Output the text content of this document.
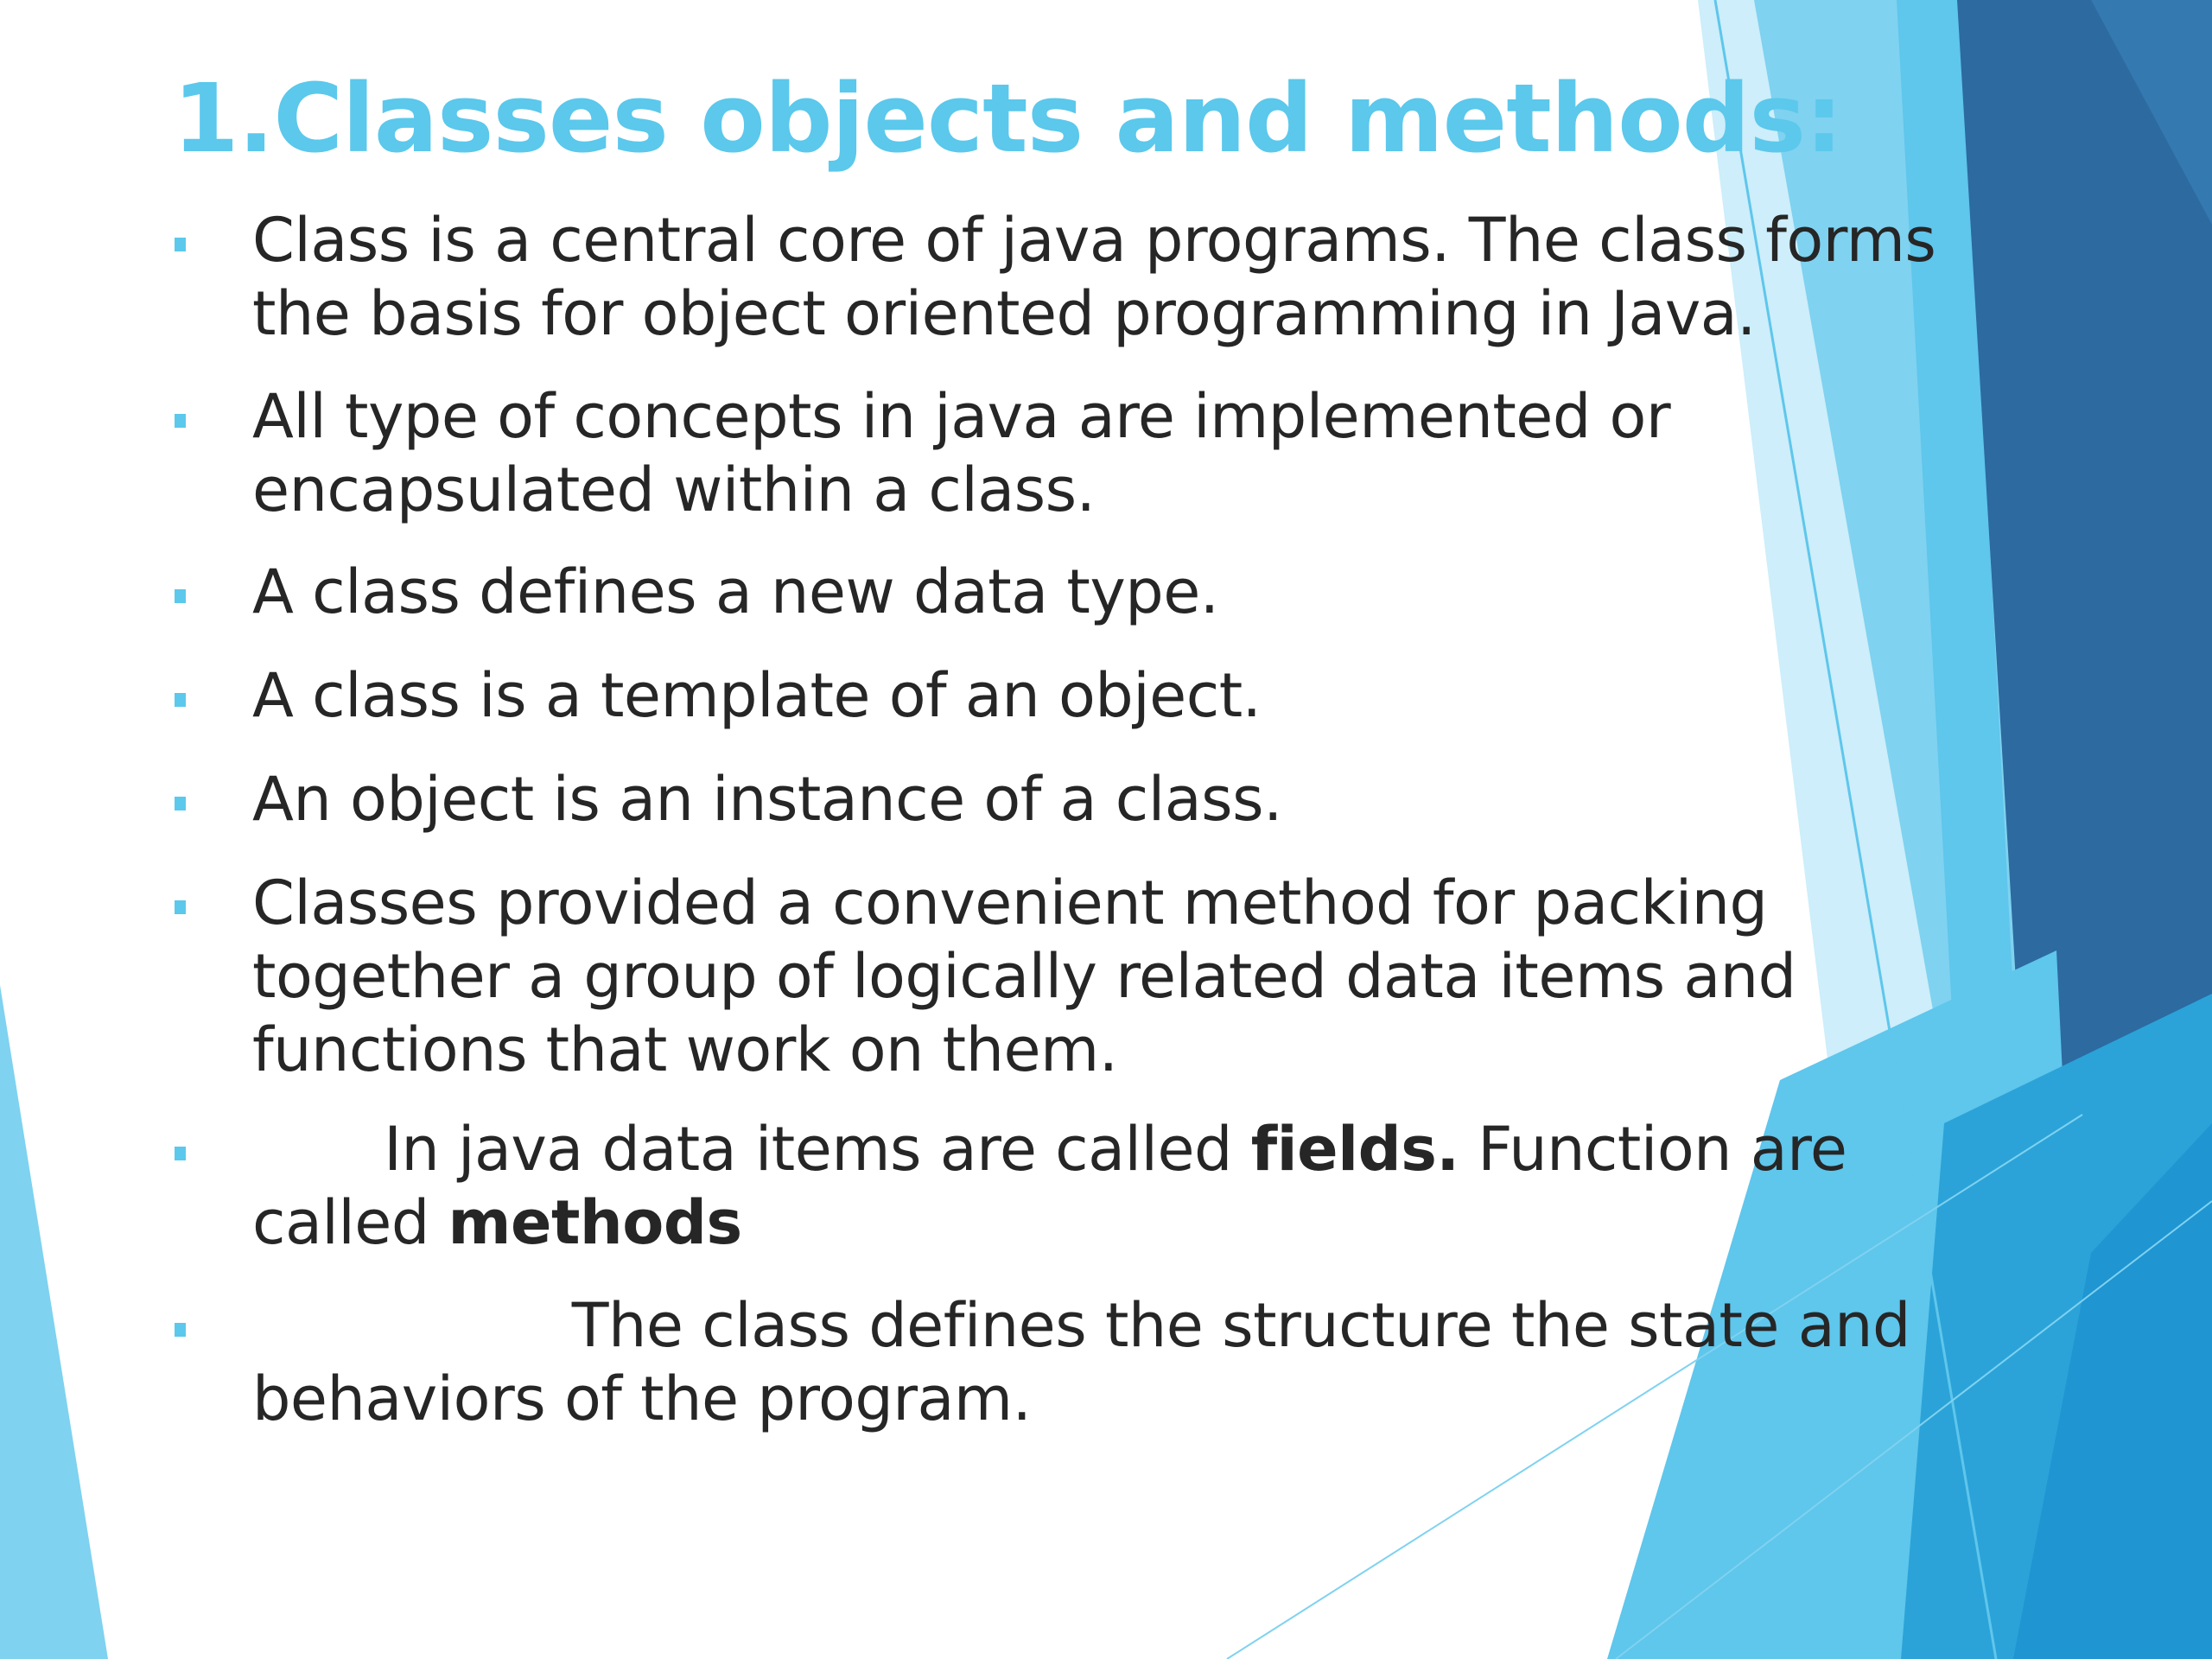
1.Classes objects and methods:
Class is a central core of java programs. The class forms
the basis for object oriented programming in Java.
All type of concepts in java are implemented or
encapsulated within a class.
A class defines a new data type.
A class is a template of an object.
An object is an instance of a class.
Classes provided a convenient method for packing
together a group of logically related data items and
functions that work on them.
In java data items are called fields. Function are
called methods
The class defines the structure the state and
behaviors of the program.
